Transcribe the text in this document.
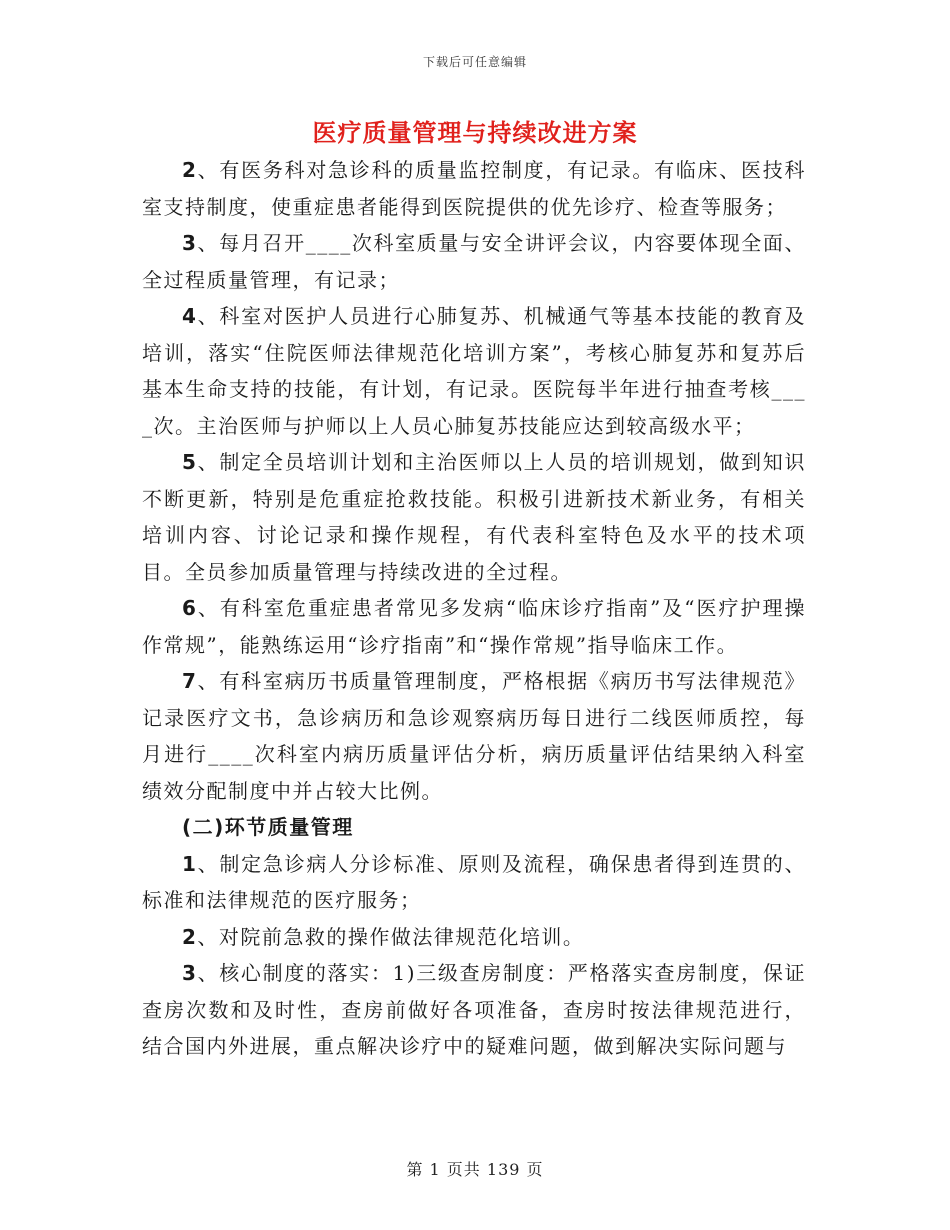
下载后可任意编辑
医疗质量管理与持续改进方案

2、有医务科对急诊科的质量监控制度，有记录。有临床、医技科室支持制度，使重症患者能得到医院提供的优先诊疗、检查等服务；

3、每月召开____次科室质量与安全讲评会议，内容要体现全面、全过程质量管理，有记录；

4、科室对医护人员进行心肺复苏、机械通气等基本技能的教育及培训，落实“住院医师法律规范化培训方案”，考核心肺复苏和复苏后基本生命支持的技能，有计划，有记录。医院每半年进行抽查考核____次。主治医师与护师以上人员心肺复苏技能应达到较高级水平；

5、制定全员培训计划和主治医师以上人员的培训规划，做到知识不断更新，特别是危重症抢救技能。积极引进新技术新业务，有相关培训内容、讨论记录和操作规程，有代表科室特色及水平的技术项目。全员参加质量管理与持续改进的全过程。

6、有科室危重症患者常见多发病“临床诊疗指南”及“医疗护理操作常规”，能熟练运用“诊疗指南”和“操作常规”指导临床工作。

7、有科室病历书质量管理制度，严格根据《病历书写法律规范》记录医疗文书，急诊病历和急诊观察病历每日进行二线医师质控，每月进行____次科室内病历质量评估分析，病历质量评估结果纳入科室绩效分配制度中并占较大比例。

(二)环节质量管理

1、制定急诊病人分诊标准、原则及流程，确保患者得到连贯的、标准和法律规范的医疗服务；

2、对院前急救的操作做法律规范化培训。

3、核心制度的落实：1)三级查房制度：严格落实查房制度，保证查房次数和及时性，查房前做好各项准备，查房时按法律规范进行，结合国内外进展，重点解决诊疗中的疑难问题，做到解决实际问题与

第 1 页共 139 页
